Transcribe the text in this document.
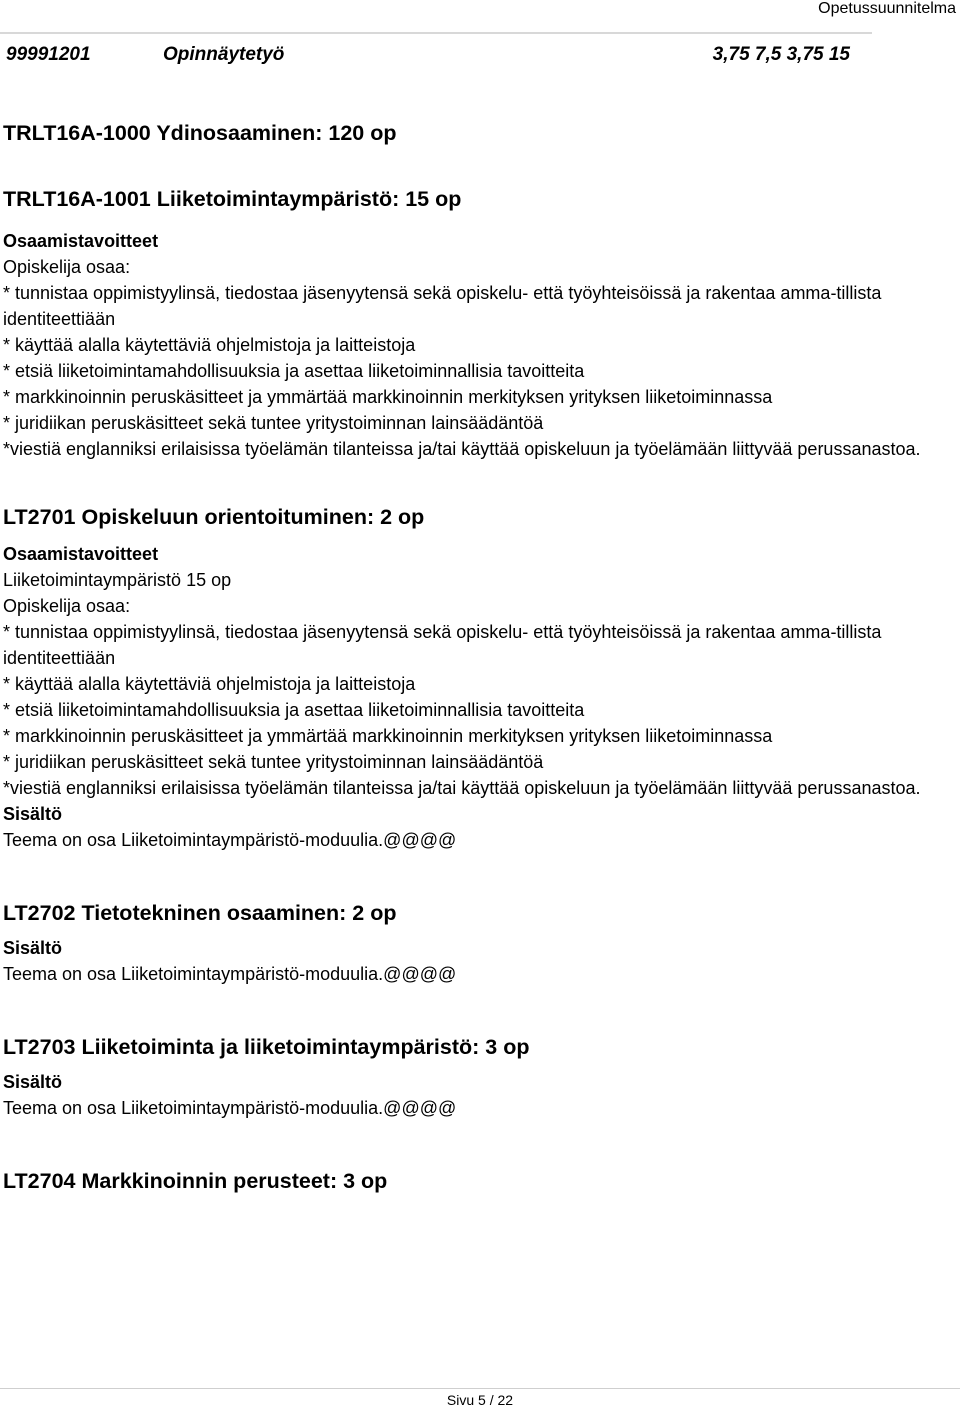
Opetussuunnitelma
99991201	Opinnäytetyö	3,75 7,5 3,75 15
TRLT16A-1000 Ydinosaaminen: 120 op
TRLT16A-1001 Liiketoimintaympäristö: 15 op
Osaamistavoitteet

Opiskelija osaa:

* tunnistaa oppimistyylinsä, tiedostaa jäsenyytensä sekä opiskelu- että työyhteisöissä ja rakentaa amma-tillista identiteettiään
* käyttää alalla käytettäviä ohjelmistoja ja laitteistoja
* etsiä liiketoimintamahdollisuuksia ja asettaa liiketoiminnallisia tavoitteita
* markkinoinnin peruskäsitteet ja ymmärtää markkinoinnin merkityksen yrityksen liiketoiminnassa
* juridiikan peruskäsitteet sekä tuntee yritystoiminnan lainsäädäntöä
*viestiä englanniksi erilaisissa työelämän tilanteissa ja/tai käyttää opiskeluun ja työelämään liittyvää perussanastoa.
LT2701 Opiskeluun orientoituminen: 2 op
Osaamistavoitteet

Liiketoimintaympäristö 15 op

Opiskelija osaa:

* tunnistaa oppimistyylinsä, tiedostaa jäsenyytensä sekä opiskelu- että työyhteisöissä ja rakentaa amma-tillista identiteettiään
* käyttää alalla käytettäviä ohjelmistoja ja laitteistoja
* etsiä liiketoimintamahdollisuuksia ja asettaa liiketoiminnallisia tavoitteita
* markkinoinnin peruskäsitteet ja ymmärtää markkinoinnin merkityksen yrityksen liiketoiminnassa
* juridiikan peruskäsitteet sekä tuntee yritystoiminnan lainsäädäntöä
*viestiä englanniksi erilaisissa työelämän tilanteissa ja/tai käyttää opiskeluun ja työelämään liittyvää perussanastoa.
Sisältö

Teema on osa Liiketoimintaympäristö-moduulia.@@@@

LT2702 Tietotekninen osaaminen: 2 op
Sisältö

Teema on osa Liiketoimintaympäristö-moduulia.@@@@

LT2703 Liiketoiminta ja liiketoimintaympäristö: 3 op
Sisältö

Teema on osa Liiketoimintaympäristö-moduulia.@@@@

LT2704 Markkinoinnin perusteet: 3 op
Sivu 5 / 22
